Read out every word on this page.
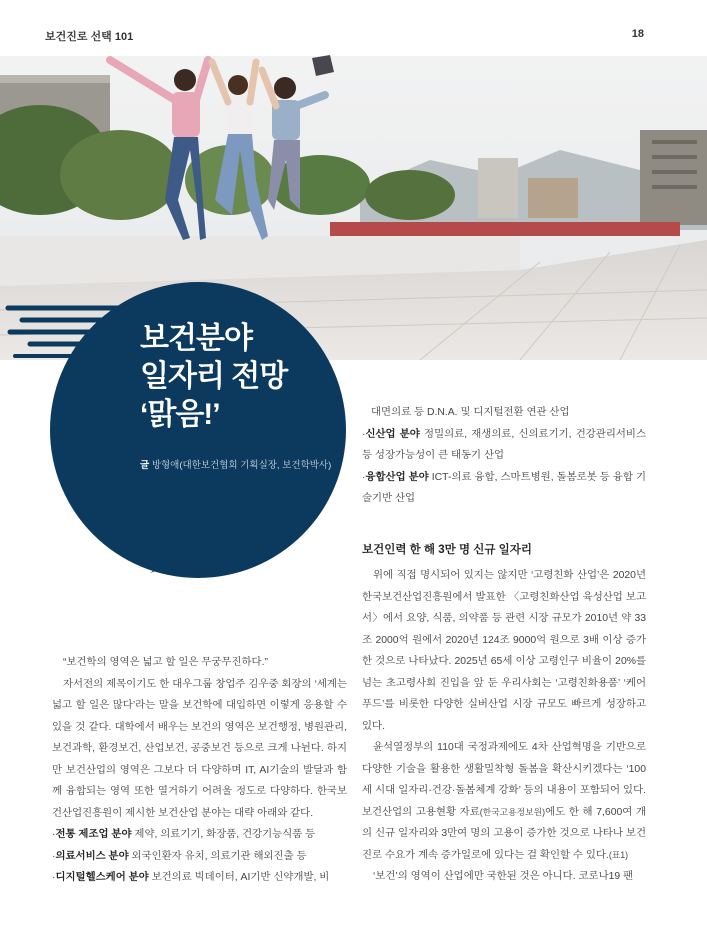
보건진로 선택 101	18
보건분야
일자리 전망
‘맑음!’
글 방형애(대한보건협회 기획실장, 보건학박사)

“보건학의 영역은 넓고 할 일은 무궁무진하다.”

자서전의 제목이기도 한 대우그룹 창업주 김우중 회장의 ‘세계는 넓고 할 일은 많다’라는 말을 보건학에 대입하면 이렇게 응용할 수 있을 것 같다. 대학에서 배우는 보건의 영역은 보건행정, 병원관리, 보건과학, 환경보건, 산업보건, 공중보건 등으로 크게 나뉜다. 하지만 보건산업의 영역은 그보다 더 다양하며 IT, AI기술의 발달과 함께 융합되는 영역 또한 열거하기 어려울 정도로 다양하다. 한국보건산업진흥원이 제시한 보건산업 분야는 대략 아래와 같다.

·전통 제조업 분야 제약, 의료기기, 화장품, 건강기능식품 등

·의료서비스 분야 외국인환자 유치, 의료기관 해외진출 등

·디지털헬스케어 분야 보건의료 빅데이터, AI기반 신약개발, 비

대면의료 등 D.N.A. 및 디지털전환 연관 산업

·신산업 분야 정밀의료, 재생의료, 신의료기기, 건강관리서비스 등 성장가능성이 큰 태동기 산업

·융합산업 분야 ICT-의료 융합, 스마트병원, 돌봄로봇 등 융합 기술기반 산업

보건인력 한 해 3만 명 신규 일자리

위에 직접 명시되어 있지는 않지만 ‘고령친화 산업’은 2020년 한국보건산업진흥원에서 발표한 〈고령친화산업 육성산업 보고서〉에서 요양, 식품, 의약품 등 관련 시장 규모가 2010년 약 33조 2000억 원에서 2020년 124조 9000억 원으로 3배 이상 증가한 것으로 나타났다. 2025년 65세 이상 고령인구 비율이 20%를 넘는 초고령사회 진입을 앞 둔 우리사회는 ‘고령친화용품’ ‘케어푸드’를 비롯한 다양한 실버산업 시장 규모도 빠르게 성장하고 있다.

윤석열정부의 110대 국정과제에도 4차 산업혁명을 기반으로 다양한 기술을 활용한 생활밀착형 돌봄을 확산시키겠다는 ‘100세 시대 일자리·건강·돌봄체계 강화’ 등의 내용이 포함되어 있다. 보건산업의 고용현황 자료(한국고용정보원)에도 한 해 7,600여 개의 신규 일자리와 3만여 명의 고용이 증가한 것으로 나타나 보건진로 수요가 계속 증가일로에 있다는 걸 확인할 수 있다.(표1)

‘보건’의 영역이 산업에만 국한된 것은 아니다. 코로나19 팬
